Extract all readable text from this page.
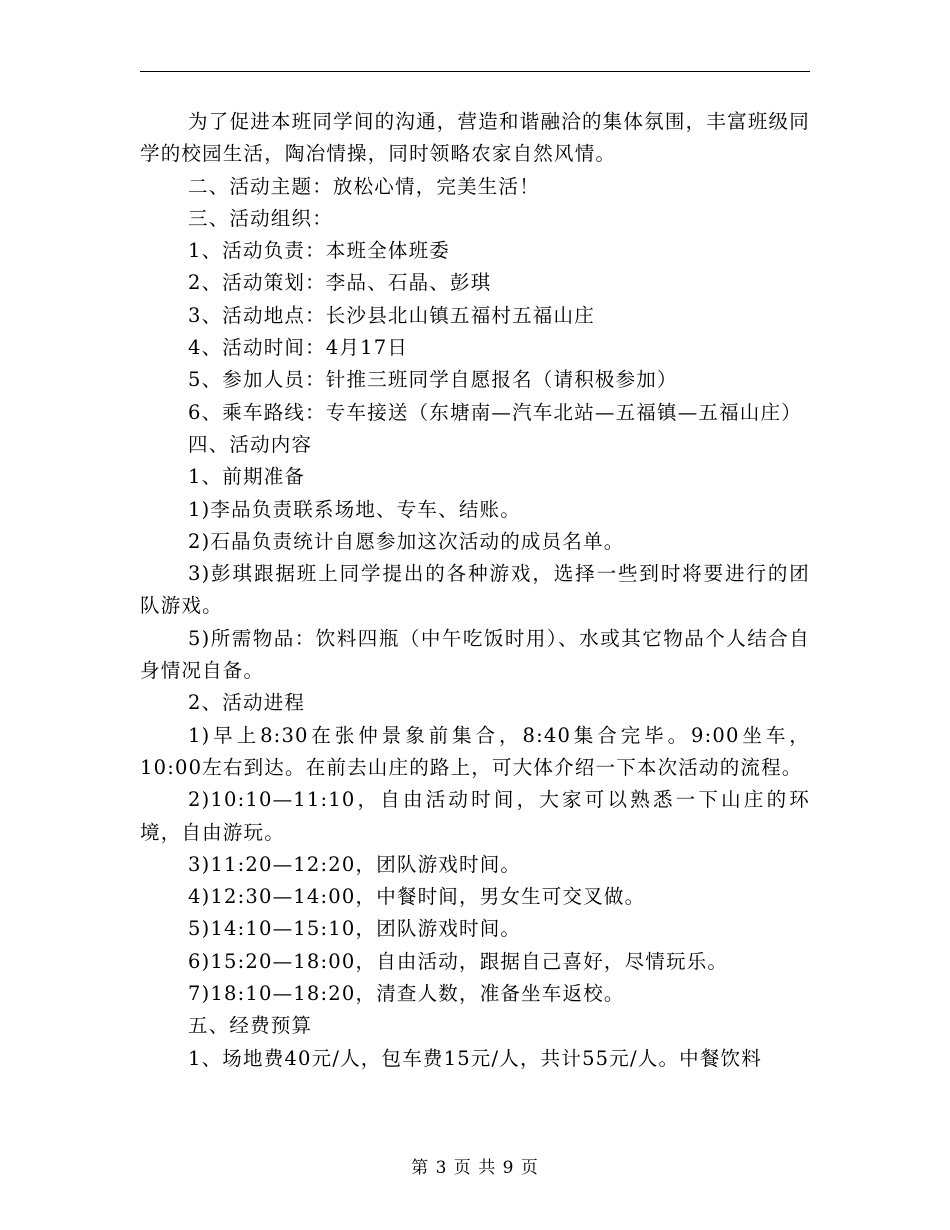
为了促进本班同学间的沟通，营造和谐融洽的集体氛围，丰富班级同学的校园生活，陶冶情操，同时领略农家自然风情。

二、活动主题：放松心情，完美生活！

三、活动组织：

1、活动负责：本班全体班委

2、活动策划：李品、石晶、彭琪

3、活动地点：长沙县北山镇五福村五福山庄

4、活动时间：4月17日

5、参加人员：针推三班同学自愿报名（请积极参加）

6、乘车路线：专车接送（东塘南—汽车北站—五福镇—五福山庄）

四、活动内容

1、前期准备

1)李品负责联系场地、专车、结账。

2)石晶负责统计自愿参加这次活动的成员名单。

3)彭琪跟据班上同学提出的各种游戏，选择一些到时将要进行的团队游戏。

5)所需物品：饮料四瓶（中午吃饭时用）、水或其它物品个人结合自身情况自备。

2、活动进程

1)早上8:30在张仲景象前集合，8:40集合完毕。9:00坐车，10:00左右到达。在前去山庄的路上，可大体介绍一下本次活动的流程。

2)10:10—11:10，自由活动时间，大家可以熟悉一下山庄的环境，自由游玩。

3)11:20—12:20，团队游戏时间。

4)12:30—14:00，中餐时间，男女生可交叉做。

5)14:10—15:10，团队游戏时间。

6)15:20—18:00，自由活动，跟据自己喜好，尽情玩乐。

7)18:10—18:20，清查人数，准备坐车返校。

五、经费预算

1、场地费40元/人，包车费15元/人，共计55元/人。中餐饮料

第 3 页 共 9 页
